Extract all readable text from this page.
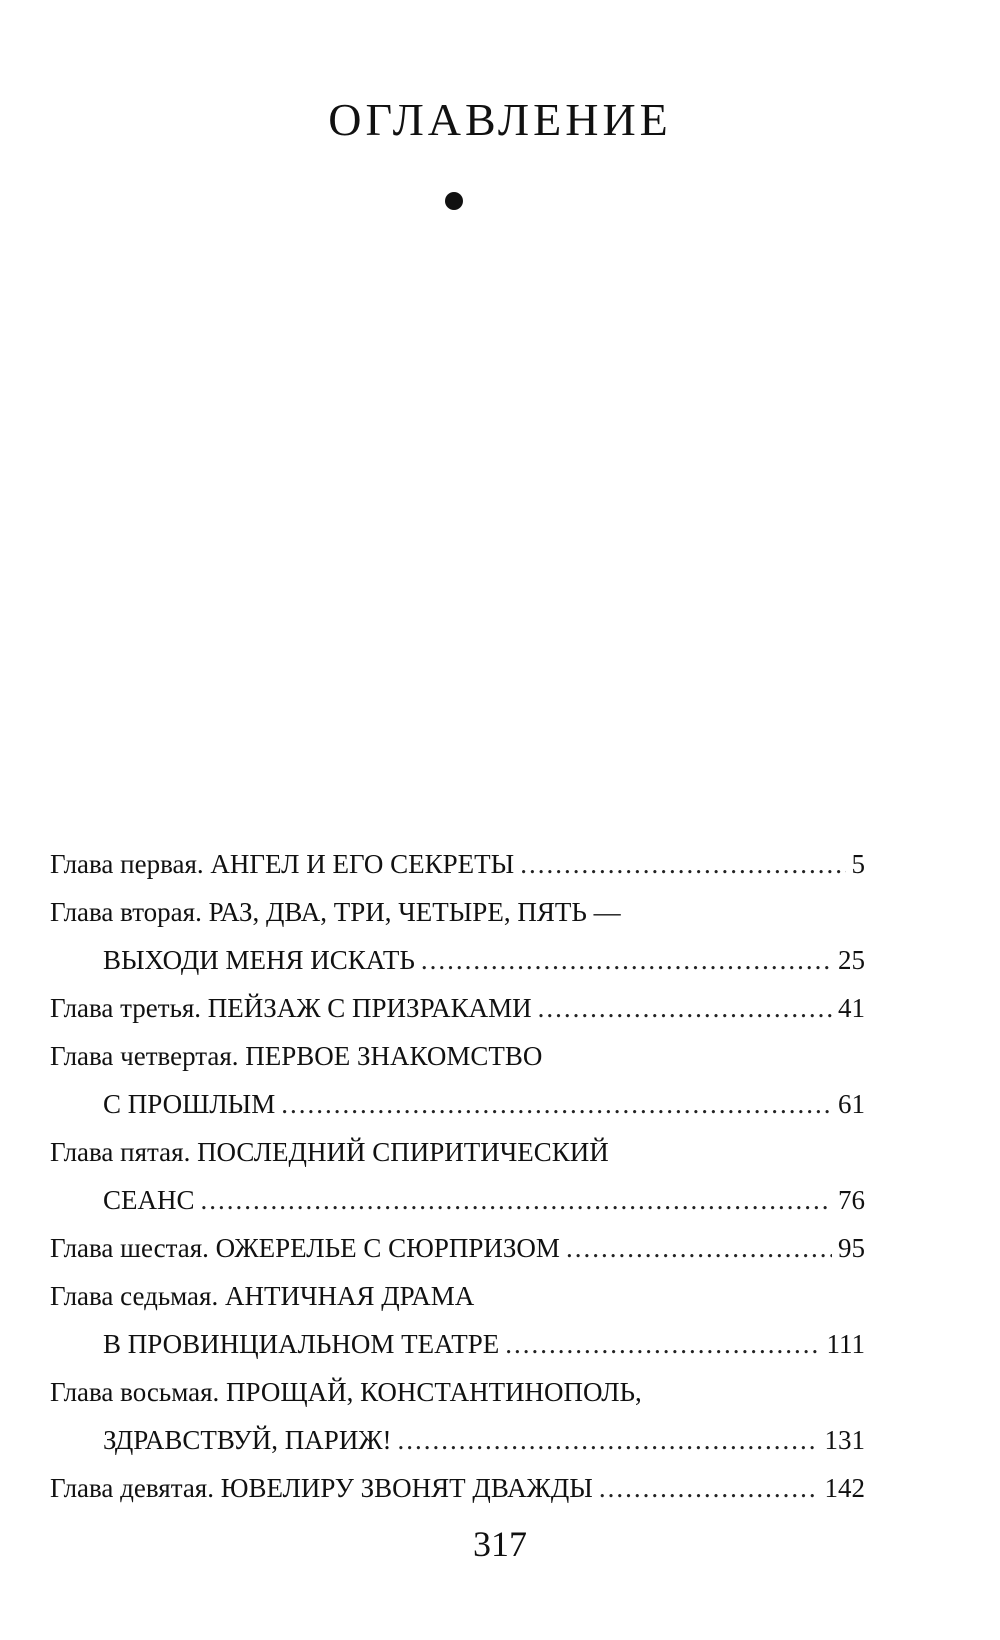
ОГЛАВЛЕНИЕ
Глава первая. АНГЕЛ И ЕГО СЕКРЕТЫ .....	5
Глава вторая. РАЗ, ДВА, ТРИ, ЧЕТЫРЕ, ПЯТЬ —
ВЫХОДИ МЕНЯ ИСКАТЬ .....	25
Глава третья. ПЕЙЗАЖ С ПРИЗРАКАМИ .....	41
Глава четвертая. ПЕРВОЕ ЗНАКОМСТВО
С ПРОШЛЫМ .....	61
Глава пятая. ПОСЛЕДНИЙ СПИРИТИЧЕСКИЙ
СЕАНС .....	76
Глава шестая. ОЖЕРЕЛЬЕ С СЮРПРИЗОМ .....	95
Глава седьмая. АНТИЧНАЯ ДРАМА
В ПРОВИНЦИАЛЬНОМ ТЕАТРЕ .....	111
Глава восьмая. ПРОЩАЙ, КОНСТАНТИНОПОЛЬ,
ЗДРАВСТВУЙ, ПАРИЖ! .....	131
Глава девятая. ЮВЕЛИРУ ЗВОНЯТ ДВАЖДЫ .....	142
317
